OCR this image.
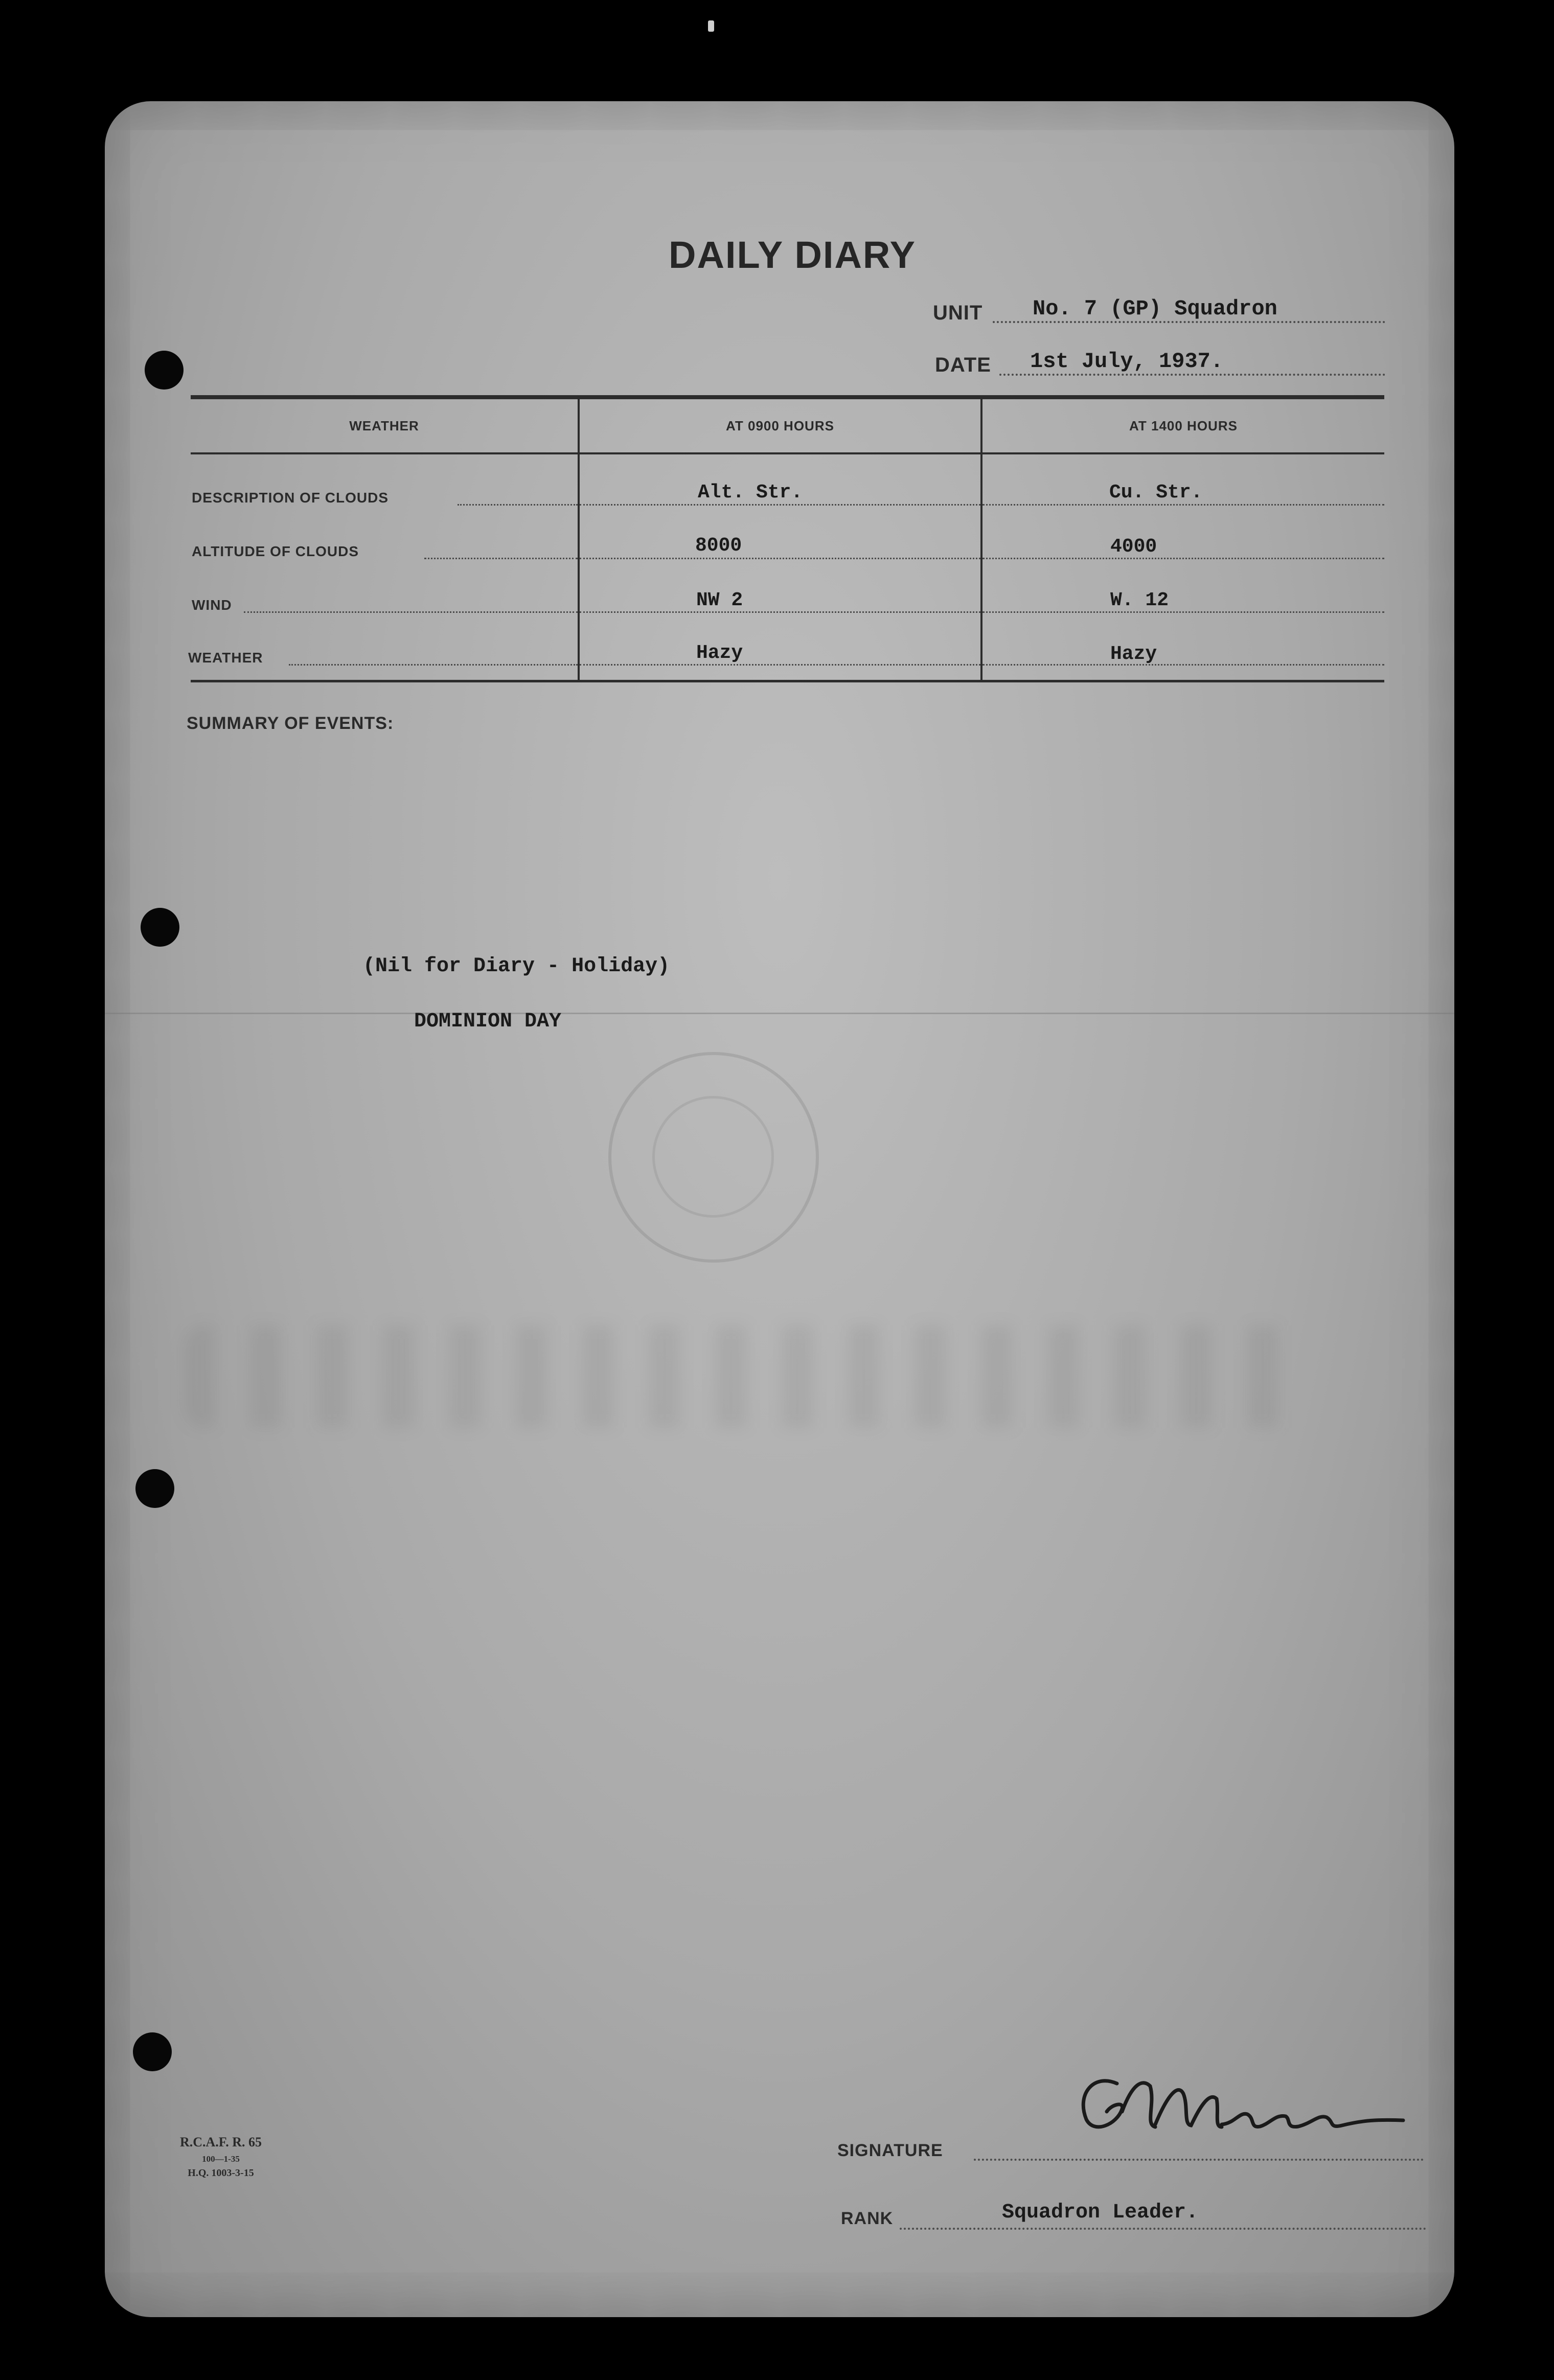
DAILY DIARY
UNIT No. 7 (GP) Squadron
DATE 1st July, 1937.
WEATHER	AT 0900 HOURS	AT 1400 HOURS
DESCRIPTION OF CLOUDS	Alt. Str.	Cu. Str.
ALTITUDE OF CLOUDS	8000	4000
WIND	NW 2	W. 12
WEATHER	Hazy	Hazy
SUMMARY OF EVENTS:
(Nil for Diary - Holiday)
DOMINION DAY
R.C.A.F. R. 65
100—1-35
H.Q. 1003-3-15
SIGNATURE
RANK	Squadron Leader.
